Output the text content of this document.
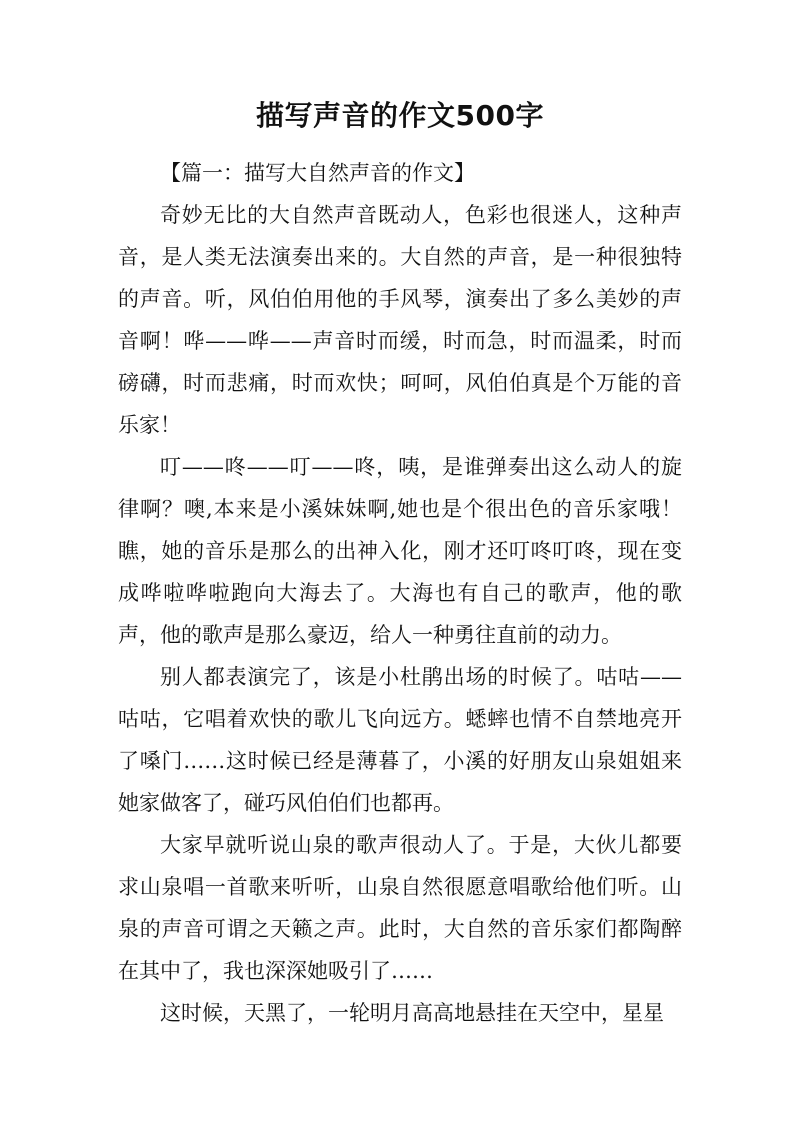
描写声音的作文500字

【篇一：描写大自然声音的作文】

奇妙无比的大自然声音既动人，色彩也很迷人，这种声音，是人类无法演奏出来的。大自然的声音，是一种很独特的声音。听，风伯伯用他的手风琴，演奏出了多么美妙的声音啊！哗——哗——声音时而缓，时而急，时而温柔，时而磅礴，时而悲痛，时而欢快；呵呵，风伯伯真是个万能的音乐家！

叮——咚——叮——咚，咦，是谁弹奏出这么动人的旋律啊？噢,本来是小溪妹妹啊,她也是个很出色的音乐家哦！瞧，她的音乐是那么的出神入化，刚才还叮咚叮咚，现在变成哗啦哗啦跑向大海去了。大海也有自己的歌声，他的歌声，他的歌声是那么豪迈，给人一种勇往直前的动力。

别人都表演完了，该是小杜鹃出场的时候了。咕咕——咕咕，它唱着欢快的歌儿飞向远方。蟋蟀也情不自禁地亮开了嗓门……这时候已经是薄暮了，小溪的好朋友山泉姐姐来她家做客了，碰巧风伯伯们也都再。

大家早就听说山泉的歌声很动人了。于是，大伙儿都要求山泉唱一首歌来听听，山泉自然很愿意唱歌给他们听。山泉的声音可谓之天籁之声。此时，大自然的音乐家们都陶醉在其中了，我也深深她吸引了……

这时候，天黑了，一轮明月高高地悬挂在天空中，星星
